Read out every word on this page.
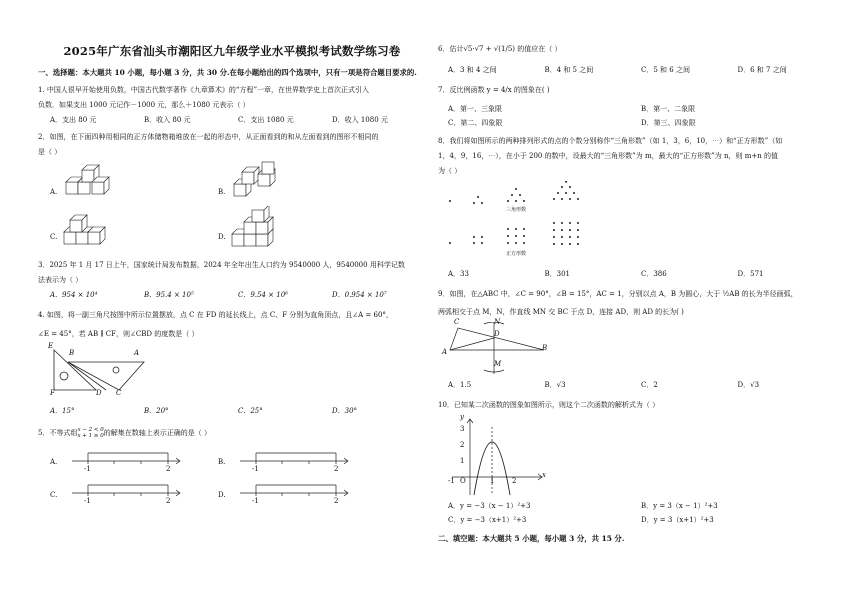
2025年广东省汕头市潮阳区九年级学业水平模拟考试数学练习卷
一、选择题：本大题共 10 小题，每小题 3 分，共 30 分.在每小题给出的四个选项中，只有一项是符合题目要求的.
1. 中国人很早开始使用负数，中国古代数学著作《九章算术》的“方程”一章，在世界数学史上首次正式引入
负数．如果支出 1000 元记作－1000 元，那么＋1080 元表示（ ）
A．支出 80 元	B．收入 80 元	C．支出 1080 元	D．收入 1080 元
2．如图，在下面四种用相同的正方体储物箱堆放在一起的形态中，从正面看到的和从左面看到的图形不相同的
是（ ）
A.	B.
C.	D.
3．2025 年 1 月 17 日上午，国家统计局发布数据，2024 年全年出生人口约为 9540000 人，9540000 用科学记数
法表示为（ ）
A．954 × 10⁴	B．95.4 × 10⁵	C．9.54 × 10⁶	D．0.954 × 10⁷
4. 如图，将一副三角尺按图中所示位置摆放，点 C 在 FD 的延长线上，点 C、F 分别为直角顶点，且∠A = 60°，
∠E = 45°，若 AB ∥ CF，则∠CBD 的度数是（ ）
E
B	A
F	D C
A．15°	B．20°	C．25°	D．30°
5．不等式组 x − 2 < 0
x + 1 ≥ 0 的解集在数轴上表示正确的是（ ）
A.
-1	2
B.
-1	2
C.
-1	2
D.
-1	2
6．估计√5·√7 + √(1/5) 的值应在（ ）
A．3 和 4 之间	B．4 和 5 之间	C．5 和 6 之间	D．6 和 7 之间
7．反比例函数 y = 4/x 的图象在( )
A．第一、三象限	B．第一、二象限
C．第二、四象限	D．第三、四象限
8．我们将如图所示的两种排列形式的点的个数分别称作“三角形数”（如 1，3，6，10，⋯）和“正方形数”（如
1，4，9，16，⋯），在小于 200 的数中，设最大的“三角形数”为 m，最大的“正方形数”为 n，则 m+n 的值
为（ ）
三角形数
正方形数
A．33	B．301	C．386	D．571
9．如图，在△ABC 中，∠C = 90°，∠B = 15°，AC = 1，分别以点 A，B 为圆心，大于 ½AB 的长为半径画弧，
两弧相交于点 M，N，作直线 MN 交 BC 于点 D，连接 AD，则 AD 的长为( )
C	N
D
A	B
M
A．1.5	B．√3	C．2	D．√3
10．已知某二次函数的图象如图所示，则这个二次函数的解析式为（ ）
y
x
O
-1	1	2
3
2
1
A．y = −3（x − 1）²+3	B．y = 3（x − 1）²+3
C．y = −3（x+1）²+3	D．y = 3（x+1）²+3
二、填空题：本大题共 5 小题，每小题 3 分，共 15 分.
